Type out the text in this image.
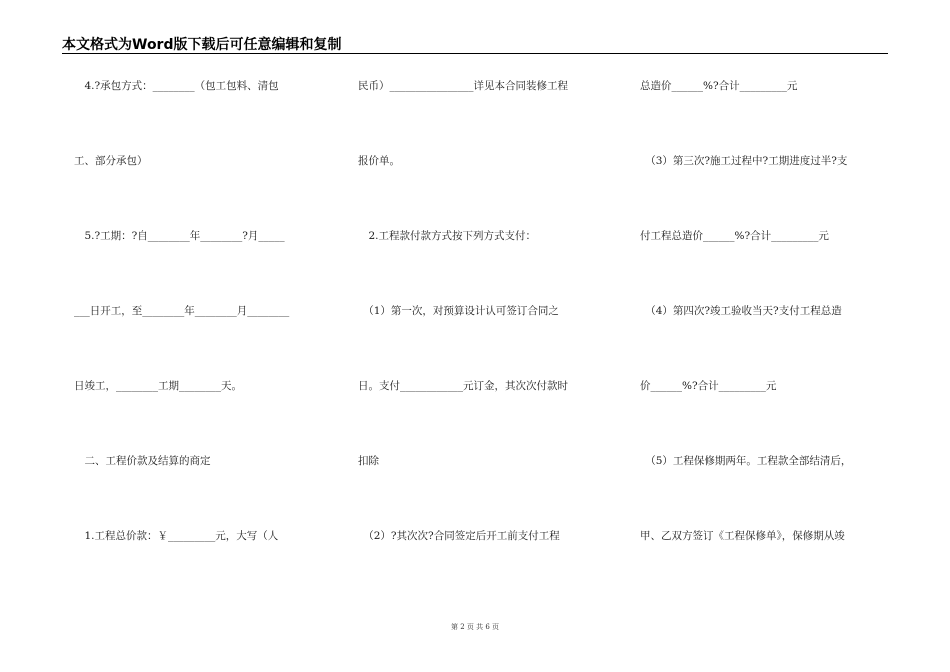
本文格式为Word版下载后可任意编辑和复制
　4.?承包方式：________（包工包料、清包
工、部分承包）
　5.?工期：?自________年________?月_____
___日开工，至________年________月________
日竣工，________工期________天。
　二、工程价款及结算的商定
　1.工程总价款：￥_________元，大写（人
民币）________________详见本合同装修工程
报价单。
　2.工程款付款方式按下列方式支付：
　（1）第一次，对预算设计认可签订合同之
日。支付____________元订金，其次次付款时
扣除
　（2）?其次次?合同签定后开工前支付工程
总造价______%?合计_________元
　（3）第三次?施工过程中?工期进度过半?支
付工程总造价______%?合计_________元
　（4）第四次?竣工验收当天?支付工程总造
价______%?合计_________元
　（5）工程保修期两年。工程款全部结清后，
甲、乙双方签订《工程保修单》，保修期从竣
第 2 页 共 6 页
